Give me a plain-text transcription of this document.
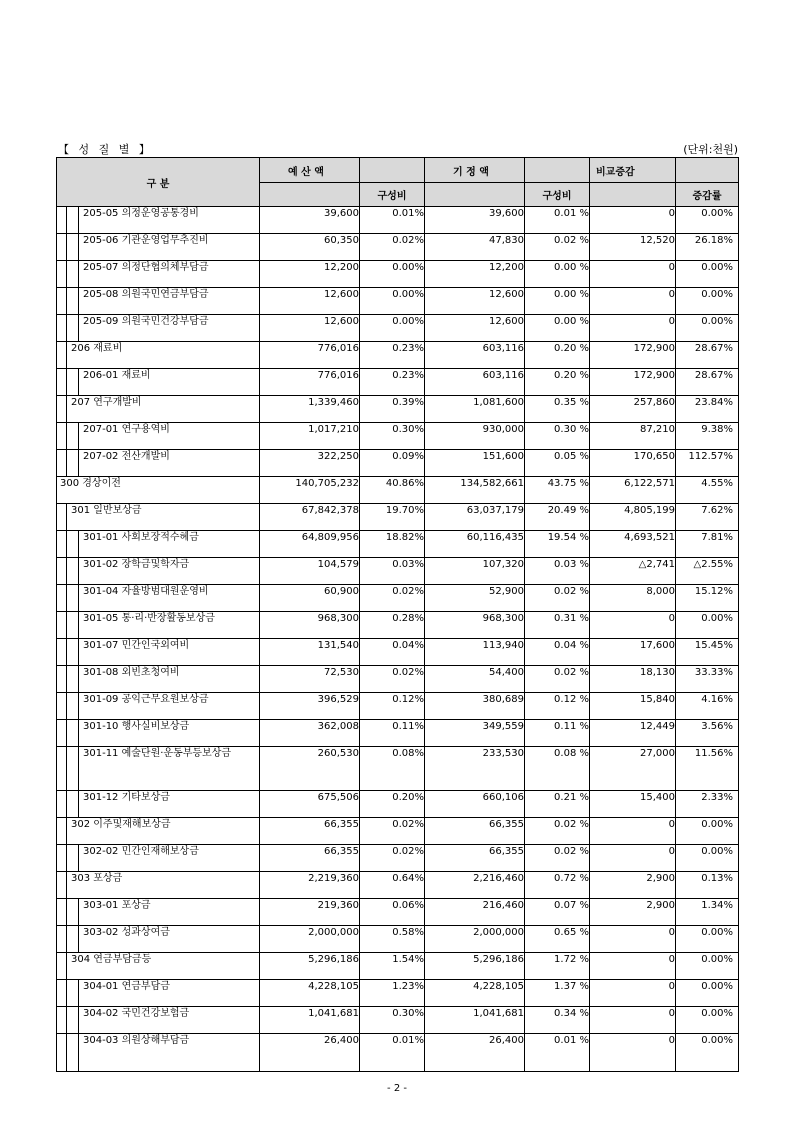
【 성 질 별 】	(단위:천원)
구 분	예 산 액		기 정 액		비교증감	

		구성비		구성비		증감률

205-05 의정운영공통경비	39,600	0.01%	39,600	0.01 %	0	0.00%

205-06 기관운영업무추진비	60,350	0.02%	47,830	0.02 %	12,520	26.18%

205-07 의정단협의체부담금	12,200	0.00%	12,200	0.00 %	0	0.00%

205-08 의원국민연금부담금	12,600	0.00%	12,600	0.00 %	0	0.00%

205-09 의원국민건강부담금	12,600	0.00%	12,600	0.00 %	0	0.00%

206 재료비	776,016	0.23%	603,116	0.20 %	172,900	28.67%

206-01 재료비	776,016	0.23%	603,116	0.20 %	172,900	28.67%

207 연구개발비	1,339,460	0.39%	1,081,600	0.35 %	257,860	23.84%

207-01 연구용역비	1,017,210	0.30%	930,000	0.30 %	87,210	9.38%

207-02 전산개발비	322,250	0.09%	151,600	0.05 %	170,650	112.57%

300 경상이전	140,705,232	40.86%	134,582,661	43.75 %	6,122,571	4.55%

301 일반보상금	67,842,378	19.70%	63,037,179	20.49 %	4,805,199	7.62%

301-01 사회보장적수혜금	64,809,956	18.82%	60,116,435	19.54 %	4,693,521	7.81%

301-02 장학금및학자금	104,579	0.03%	107,320	0.03 %	△2,741	△2.55%

301-04 자율방범대원운영비	60,900	0.02%	52,900	0.02 %	8,000	15.12%

301-05 통·리·반장활동보상금	968,300	0.28%	968,300	0.31 %	0	0.00%

301-07 민간인국외여비	131,540	0.04%	113,940	0.04 %	17,600	15.45%

301-08 외빈초청여비	72,530	0.02%	54,400	0.02 %	18,130	33.33%

301-09 공익근무요원보상금	396,529	0.12%	380,689	0.12 %	15,840	4.16%

301-10 행사실비보상금	362,008	0.11%	349,559	0.11 %	12,449	3.56%

301-11 예술단원·운동부등보상금	260,530	0.08%	233,530	0.08 %	27,000	11.56%

301-12 기타보상금	675,506	0.20%	660,106	0.21 %	15,400	2.33%

302 이주및재해보상금	66,355	0.02%	66,355	0.02 %	0	0.00%

302-02 민간인재해보상금	66,355	0.02%	66,355	0.02 %	0	0.00%

303 포상금	2,219,360	0.64%	2,216,460	0.72 %	2,900	0.13%

303-01 포상금	219,360	0.06%	216,460	0.07 %	2,900	1.34%

303-02 성과상여금	2,000,000	0.58%	2,000,000	0.65 %	0	0.00%

304 연금부담금등	5,296,186	1.54%	5,296,186	1.72 %	0	0.00%

304-01 연금부담금	4,228,105	1.23%	4,228,105	1.37 %	0	0.00%

304-02 국민건강보험금	1,041,681	0.30%	1,041,681	0.34 %	0	0.00%

304-03 의원상해부담금	26,400	0.01%	26,400	0.01 %	0	0.00%
- 2 -
